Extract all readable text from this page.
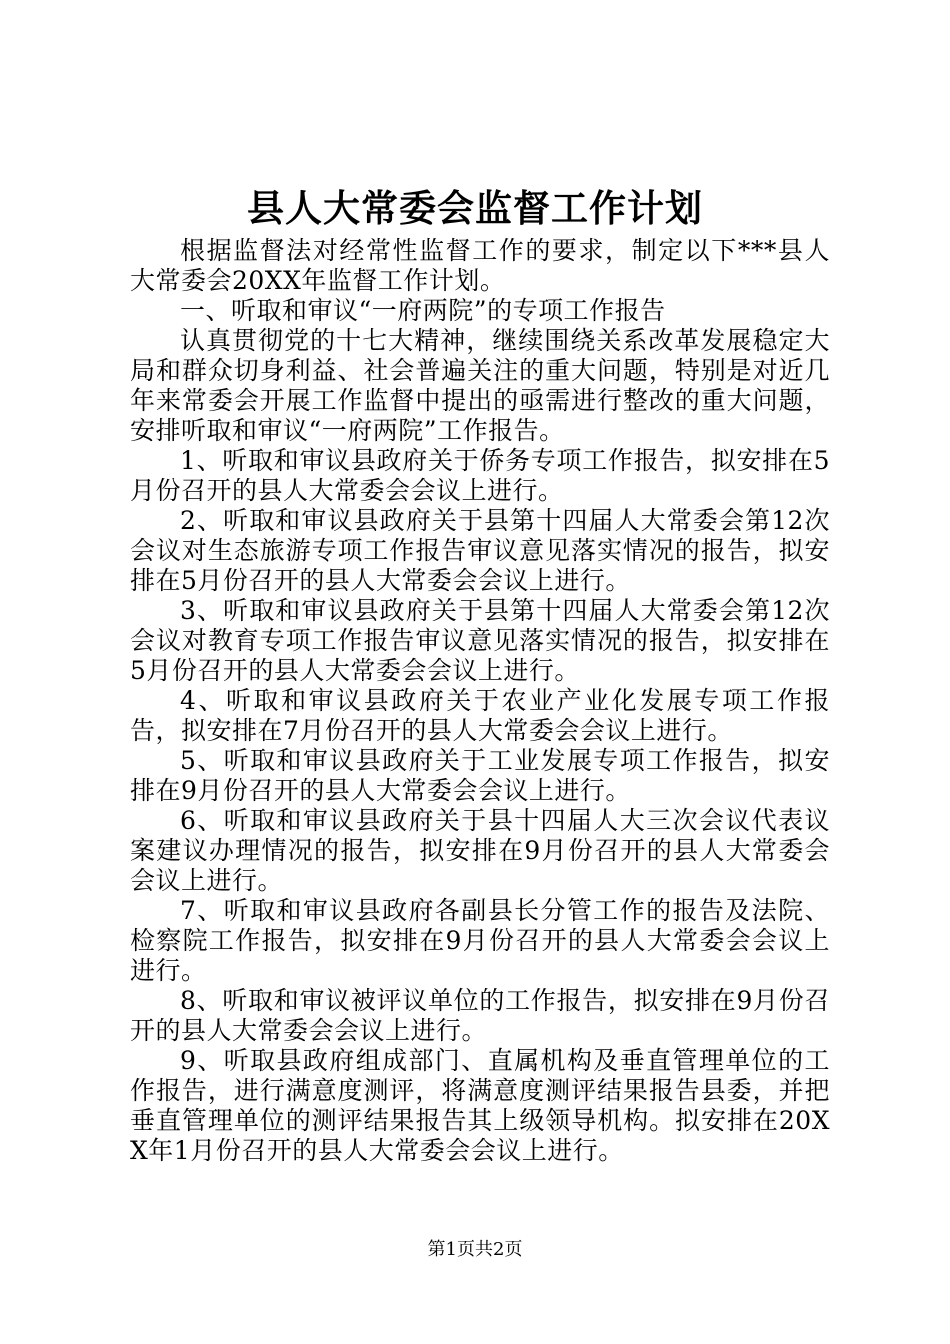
县人大常委会监督工作计划

根据监督法对经常性监督工作的要求，制定以下***县人大常委会20XX年监督工作计划。

一、听取和审议“一府两院”的专项工作报告

认真贯彻党的十七大精神，继续围绕关系改革发展稳定大局和群众切身利益、社会普遍关注的重大问题，特别是对近几年来常委会开展工作监督中提出的亟需进行整改的重大问题，安排听取和审议“一府两院”工作报告。

1、听取和审议县政府关于侨务专项工作报告，拟安排在5月份召开的县人大常委会会议上进行。

2、听取和审议县政府关于县第十四届人大常委会第12次会议对生态旅游专项工作报告审议意见落实情况的报告，拟安排在5月份召开的县人大常委会会议上进行。

3、听取和审议县政府关于县第十四届人大常委会第12次会议对教育专项工作报告审议意见落实情况的报告，拟安排在5月份召开的县人大常委会会议上进行。

4、听取和审议县政府关于农业产业化发展专项工作报告，拟安排在7月份召开的县人大常委会会议上进行。

5、听取和审议县政府关于工业发展专项工作报告，拟安排在9月份召开的县人大常委会会议上进行。

6、听取和审议县政府关于县十四届人大三次会议代表议案建议办理情况的报告，拟安排在9月份召开的县人大常委会会议上进行。

7、听取和审议县政府各副县长分管工作的报告及法院、检察院工作报告，拟安排在9月份召开的县人大常委会会议上进行。

8、听取和审议被评议单位的工作报告，拟安排在9月份召开的县人大常委会会议上进行。

9、听取县政府组成部门、直属机构及垂直管理单位的工作报告，进行满意度测评，将满意度测评结果报告县委，并把垂直管理单位的测评结果报告其上级领导机构。拟安排在20XX年1月份召开的县人大常委会会议上进行。

第1页共2页
